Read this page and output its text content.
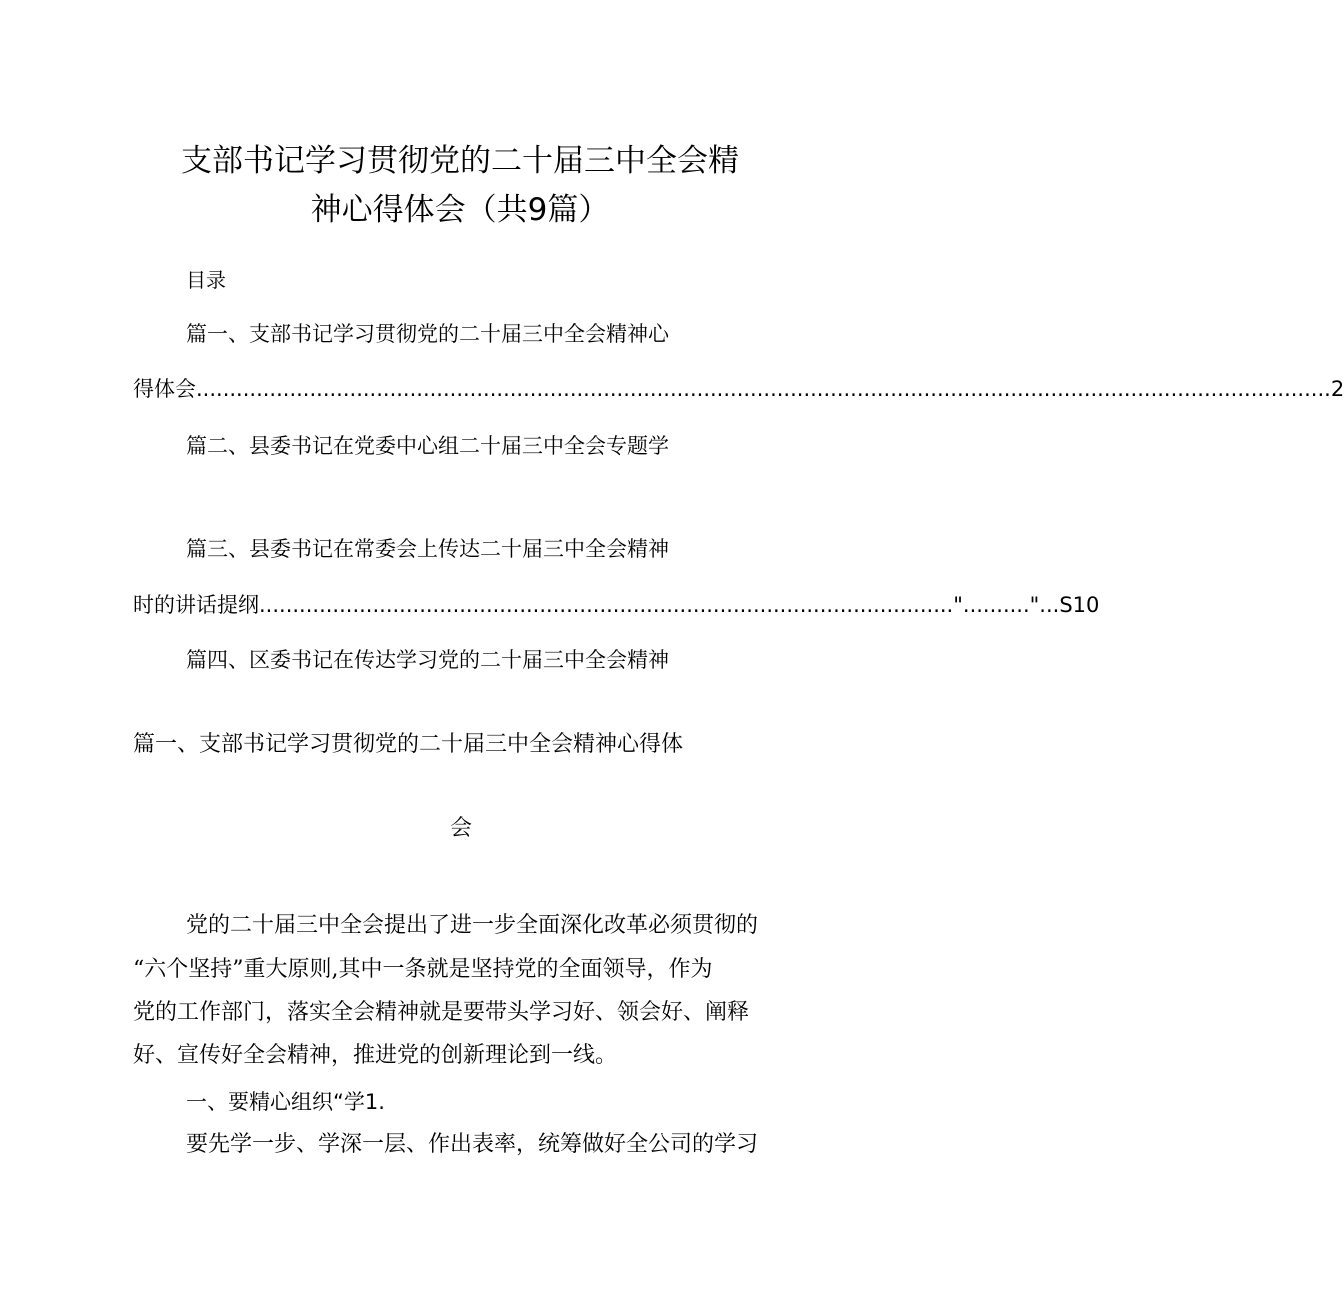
支部书记学习贯彻党的二十届三中全会精
神心得体会（共9篇）
目录
篇一、支部书记学习贯彻党的二十届三中全会精神心
得体会 .......................................................................................................................................................................... 2
篇二、县委书记在党委中心组二十届三中全会专题学
篇三、县委书记在常委会上传达二十届三中全会精神
时的讲话提纲 ........................................................................................................ ".........."...S10
篇四、区委书记在传达学习党的二十届三中全会精神
篇一、支部书记学习贯彻党的二十届三中全会精神心得体
会
党的二十届三中全会提出了进一步全面深化改革必须贯彻的
“六个坚持”重大原则,其中一条就是坚持党的全面领导，作为
党的工作部门，落实全会精神就是要带头学习好、领会好、阐释
好、宣传好全会精神，推进党的创新理论到一线。
一、要精心组织“学1.
要先学一步、学深一层、作出表率，统筹做好全公司的学习
